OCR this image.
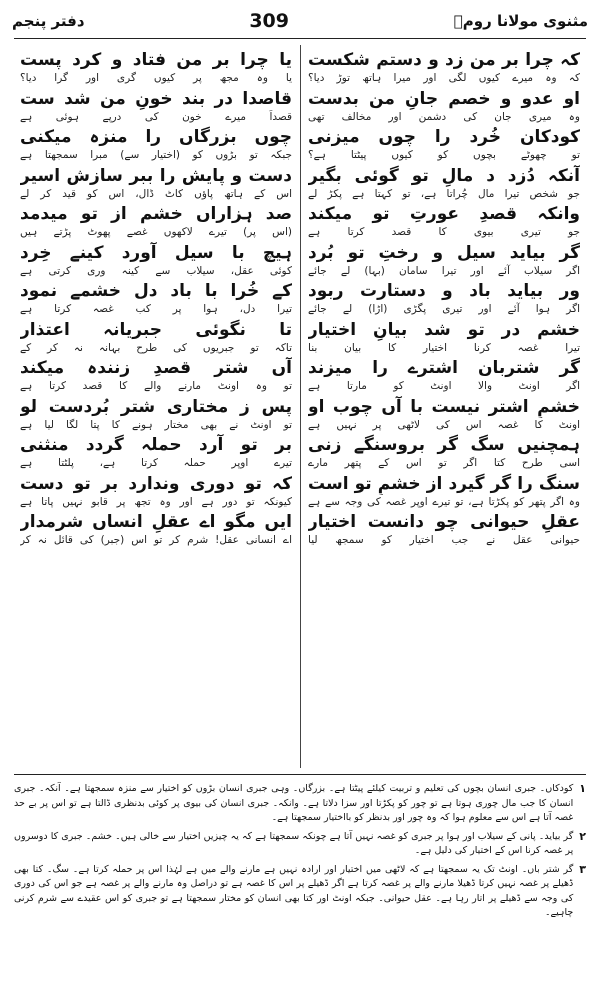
دفتر پنجم	309	مثنوی مولانا رومؒ
کہ چرا بر من زد و دستم شکست
کہ وہ میرے کیوں لگی اور میرا ہاتھ توڑ دیا؟
او عدو و خصم جانِ من بدست
وہ میری جان کی دشمن اور مخالف تھی
کودکان خُرد را چوں میزنی
تو چھوٹے بچوں کو کیوں پیٹتا ہے؟
آنکہ دُزد د مالِ تو گوئی بگیر
جو شخص تیرا مال چُراتا ہے، تو کہتا ہے پکڑ لے
وانکہ قصدِ عورتِ تو میکند
جو تیری بیوی کا قصد کرتا ہے
گر بیاید سیل و رختِ تو بُرد
اگر سیلاب آئے اور تیرا سامان (بہا) لے جائے
ور بیاید باد و دستارت ربود
اگر ہوا آئے اور تیری پگڑی (اڑا) لے جائے
خشم در تو شد بیانِ اختیار
تیرا غصہ کرنا اختیار کا بیان بنا
گر شتربان اشترے را میزند
اگر اونٹ والا اونٹ کو مارتا ہے
خشمِ اشتر نیست با آں چوب او
اونٹ کا غصہ اس کی لاٹھی پر نہیں ہے
ہمچنیں سگ گر بروسنگے زنی
اسی طرح کتا اگر تو اس کے پتھر مارے
سنگ را گر گیرد از خشمِ تو است
وہ اگر پتھر کو پکڑتا ہے، تو تیرے اوپر غصہ کی وجہ سے ہے
عقلِ حیوانی چو دانست اختیار
حیوانی عقل نے جب اختیار کو سمجھ لیا
یا چرا بر من فتاد و کرد پست
یا وہ مجھ پر کیوں گری اور گرا دیا؟
قاصدا در بند خونِ من شد ست
قصداً میرے خون کی درپے ہوئی ہے
چوں بزرگاں را منزہ میکنی
جبکہ تو بڑوں کو (اختیار سے) مبرا سمجھتا ہے
دست و پایش را ببر سازش اسیر
اس کے ہاتھ پاؤں کاٹ ڈال، اس کو قید کر لے
صد ہزاراں خشم از تو میدمد
(اس پر) تیرے لاکھوں غصے پھوٹ پڑتے ہیں
ہیچ با سیل آورد کینے خِرد
کوئی عقل، سیلاب سے کینہ وری کرتی ہے
کے خُرا با باد دل خشمے نمود
تیرا دل، ہوا پر کب غصہ کرتا ہے
تا نگوئی جبریانہ اعتذار
تاکہ تو جبریوں کی طرح بہانہ نہ کر کے
آں شتر قصدِ زنندہ میکند
تو وہ اونٹ مارنے والے کا قصد کرتا ہے
پس ز مختاری شتر بُردست لو
تو اونٹ نے بھی مختار ہونے کا پتا لگا لیا ہے
بر تو آرد حملہ گردد منثنی
تیرے اوپر حملہ کرتا ہے، پلٹتا ہے
کہ تو دوری وندارد بر تو دست
کیونکہ تو دور ہے اور وہ تجھ پر قابو نہیں پاتا ہے
ایں مگو اے عقلِ انساں شرمدار
اے انسانی عقل! شرم کر تو اس (جبر) کی قائل نہ کر
۱
کودکاں۔ جبری انسان بچوں کی تعلیم و تربیت کیلئے پیٹتا ہے۔ بزرگاں۔ وہی جبری انسان بڑوں کو اختیار سے منزہ سمجھتا ہے۔ آنکہ۔ جبری انسان کا جب مال چوری ہوتا ہے تو چور کو پکڑتا اور سزا دلاتا ہے۔ وانکہ۔ جبری انسان کی بیوی پر کوئی بدنظری ڈالتا ہے تو اس پر بے حد غصہ آتا ہے اس سے معلوم ہوا کہ وہ چور اور بدنظر کو بااختیار سمجھتا ہے۔
۲
گر بیاید۔ پانی کے سیلاب اور ہوا پر جبری کو غصہ نہیں آتا ہے چونکہ سمجھتا ہے کہ یہ چیزیں اختیار سے خالی ہیں۔ خشم۔ جبری کا دوسروں پر غصہ کرنا اس کے اختیار کی دلیل ہے۔
۳
گر شتر باں۔ اونٹ تک یہ سمجھتا ہے کہ لاٹھی میں اختیار اور ارادہ نہیں ہے مارنے والے میں ہے لہٰذا اس پر حملہ کرتا ہے۔ سگ۔ کتا بھی ڈھیلے پر غصہ نہیں کرتا ڈھیلا مارنے والے پر غصہ کرتا ہے اگر ڈھیلے پر اس کا غصہ ہے تو دراصل وہ مارنے والے پر غصہ ہے جو اس کی دوری کی وجہ سے ڈھیلے پر اتار رہا ہے۔ عقل حیوانی۔ جبکہ اونٹ اور کتا بھی انسان کو مختار سمجھتا ہے تو جبری کو اس عقیدے سے شرم کرنی چاہیے۔
